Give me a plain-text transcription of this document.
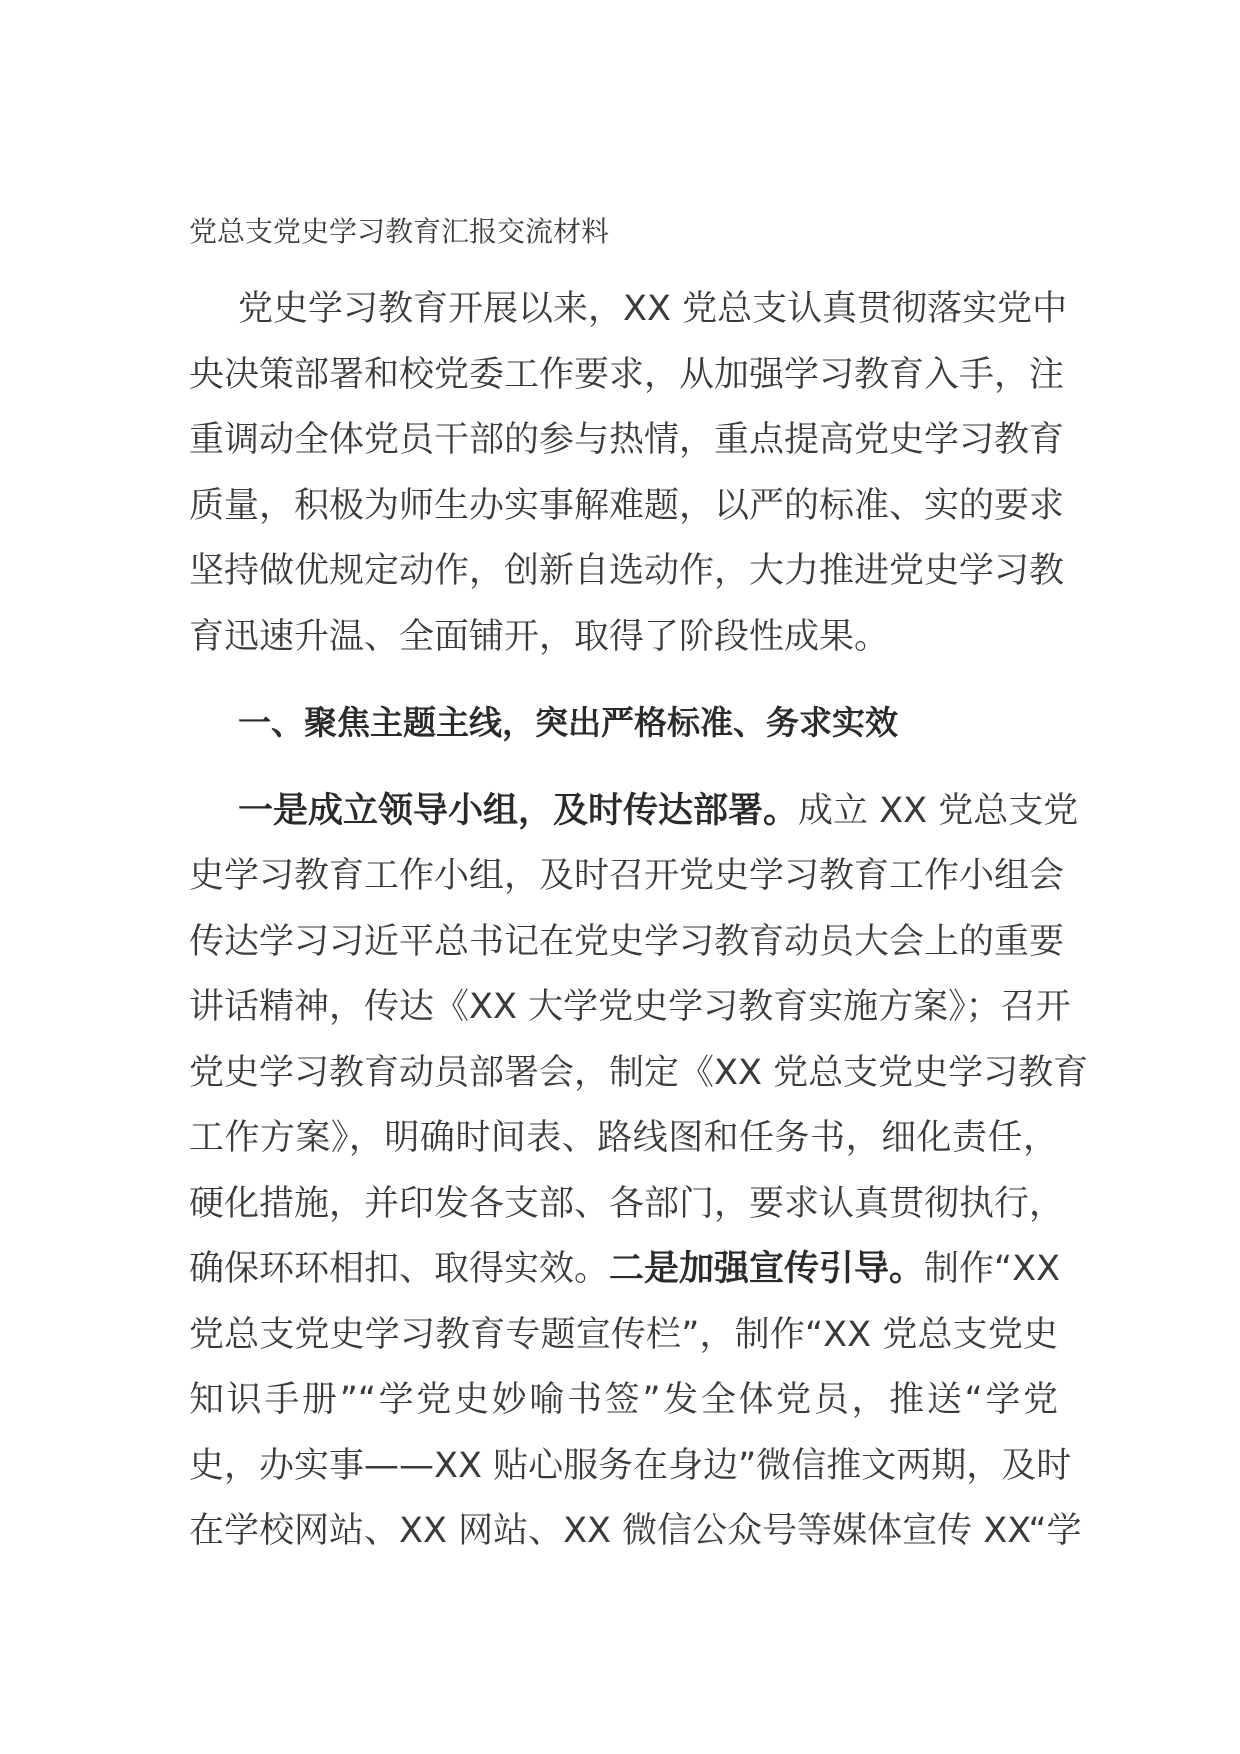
党总支党史学习教育汇报交流材料
党史学习教育开展以来，XX 党总支认真贯彻落实党中
央决策部署和校党委工作要求，从加强学习教育入手，注
重调动全体党员干部的参与热情，重点提高党史学习教育
质量，积极为师生办实事解难题，以严的标准、实的要求
坚持做优规定动作，创新自选动作，大力推进党史学习教
育迅速升温、全面铺开，取得了阶段性成果。
一、聚焦主题主线，突出严格标准、务求实效
一是成立领导小组，及时传达部署。成立 XX 党总支党
史学习教育工作小组，及时召开党史学习教育工作小组会
传达学习习近平总书记在党史学习教育动员大会上的重要
讲话精神，传达《XX 大学党史学习教育实施方案》；召开
党史学习教育动员部署会，制定《XX 党总支党史学习教育
工作方案》，明确时间表、路线图和任务书，细化责任，
硬化措施，并印发各支部、各部门，要求认真贯彻执行，
确保环环相扣、取得实效。二是加强宣传引导。制作“XX
党总支党史学习教育专题宣传栏”，制作“XX 党总支党史
知识手册”“学党史妙喻书签”发全体党员，推送“学党
史，办实事——XX 贴心服务在身边”微信推文两期，及时
在学校网站、XX 网站、XX 微信公众号等媒体宣传 XX“学
